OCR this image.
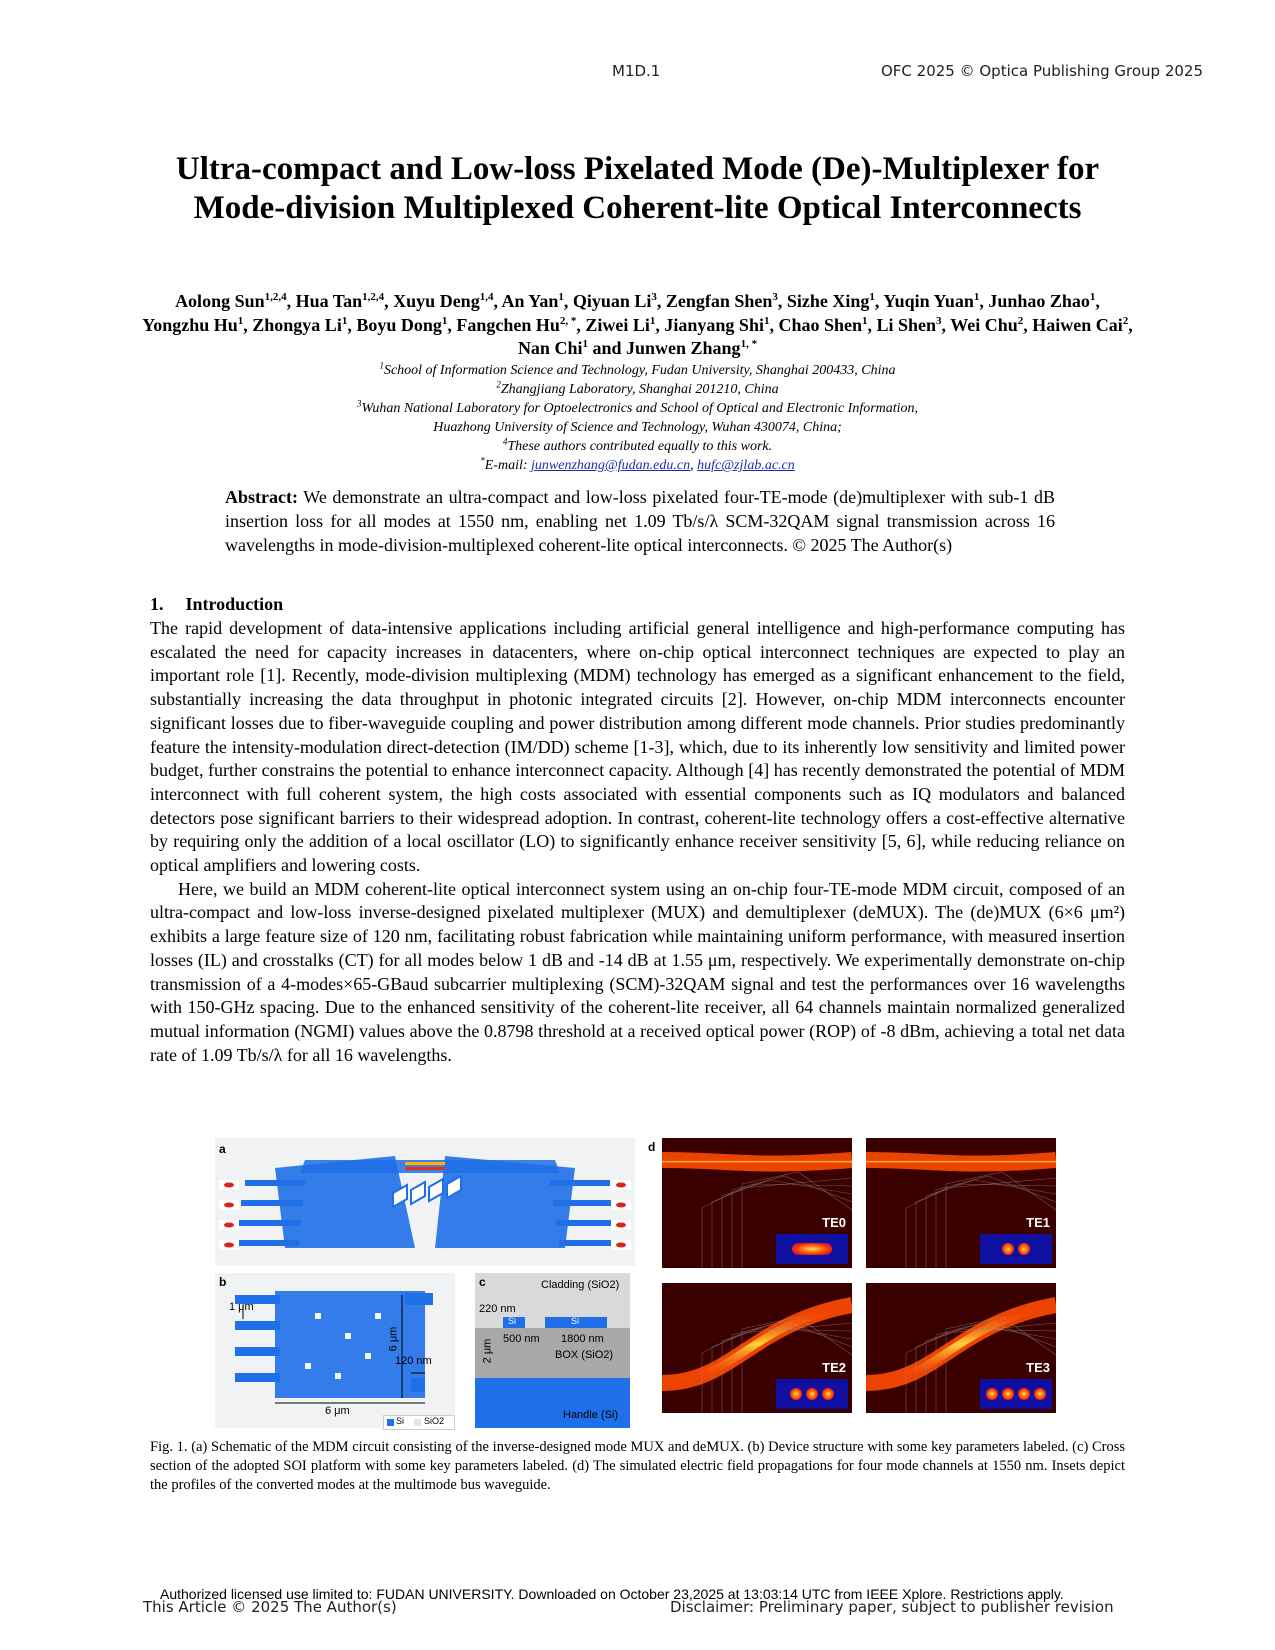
M1D.1	OFC 2025 © Optica Publishing Group 2025
Ultra-compact and Low-loss Pixelated Mode (De)-Multiplexer for Mode-division Multiplexed Coherent-lite Optical Interconnects
Aolong Sun$^{1,2,4}$, Hua Tan$^{1,2,4}$, Xuyu Deng$^{1,4}$, An Yan$^1$, Qiyuan Li$^3$, Zengfan Shen$^3$, Sizhe Xing$^1$, Yuqin Yuan$^1$, Junhao Zhao$^1$, Yongzhu Hu$^1$, Zhongya Li$^1$, Boyu Dong$^1$, Fangchen $Hu^{2, *}$, Ziwei Li$^1$, Jianyang Shi$^1$, Chao Shen$^1$, Li Shen$^3$, Wei Chu$^2$, Haiwen Cai$^2$, Nan Chi$^1$ and Junwen Zhang$^{1, *}$
$^1$School of Information Science and Technology, Fudan University, Shanghai 200433, China
$^2$Zhangjiang Laboratory, Shanghai 201210, China
$^3$Wuhan National Laboratory for Optoelectronics and School of Optical and Electronic Information,
Huazhong University of Science and Technology, Wuhan 430074, China;
$^4$These authors contributed equally to this work.
*E-mail: junwenzhang@fudan.edu.cn, hufc@zjlab.ac.cn
Abstract: We demonstrate an ultra-compact and low-loss pixelated four-TE-mode (de)multiplexer with sub-1 dB insertion loss for all modes at 1550 nm, enabling net 1.09 Tb/s/λ SCM-32QAM signal transmission across 16 wavelengths in mode-division-multiplexed coherent-lite optical interconnects. © 2025 The Author(s)
1. Introduction

The rapid development of data-intensive applications including artificial general intelligence and high-performance computing has escalated the need for capacity increases in datacenters, where on-chip optical interconnect techniques are expected to play an important role [1]. Recently, mode-division multiplexing (MDM) technology has emerged as a significant enhancement to the field, substantially increasing the data throughput in photonic integrated circuits [2]. However, on-chip MDM interconnects encounter significant losses due to fiber-waveguide coupling and power distribution among different mode channels. Prior studies predominantly feature the intensity-modulation direct-detection (IM/DD) scheme [1-3], which, due to its inherently low sensitivity and limited power budget, further constrains the potential to enhance interconnect capacity. Although [4] has recently demonstrated the potential of MDM interconnect with full coherent system, the high costs associated with essential components such as IQ modulators and balanced detectors pose significant barriers to their widespread adoption. In contrast, coherent-lite technology offers a cost-effective alternative by requiring only the addition of a local oscillator (LO) to significantly enhance receiver sensitivity [5, 6], while reducing reliance on optical amplifiers and lowering costs.

Here, we build an MDM coherent-lite optical interconnect system using an on-chip four-TE-mode MDM circuit, composed of an ultra-compact and low-loss inverse-designed pixelated multiplexer (MUX) and demultiplexer (deMUX). The (de)MUX (6×6 μm²) exhibits a large feature size of 120 nm, facilitating robust fabrication while maintaining uniform performance, with measured insertion losses (IL) and crosstalks (CT) for all modes below 1 dB and -14 dB at 1.55 μm, respectively. We experimentally demonstrate on-chip transmission of a 4-modes×65-GBaud subcarrier multiplexing (SCM)-32QAM signal and test the performances over 16 wavelengths with 150-GHz spacing. Due to the enhanced sensitivity of the coherent-lite receiver, all 64 channels maintain normalized generalized mutual information (NGMI) values above the 0.8798 threshold at a received optical power (ROP) of -8 dBm, achieving a total net data rate of 1.09 Tb/s/λ for all 16 wavelengths.

a
b
1 μm
6 μm
120 nm
6 μm
Si SiO2
c	Cladding (SiO2)
220 nm
Si	Si
500 nm 1800 nm
2 μm	BOX (SiO2)
Handle (Si)
d
TE0	TE1
TE2	TE3
Fig. 1. (a) Schematic of the MDM circuit consisting of the inverse-designed mode MUX and deMUX. (b) Device structure with some key parameters labeled. (c) Cross section of the adopted SOI platform with some key parameters labeled. (d) The simulated electric field propagations for four mode channels at 1550 nm. Insets depict the profiles of the converted modes at the multimode bus waveguide.
Authorized licensed use limited to: FUDAN UNIVERSITY. Downloaded on October 23,2025 at 13:03:14 UTC from IEEE Xplore. Restrictions apply.
This Article © 2025 The Author(s)	Disclaimer: Preliminary paper, subject to publisher revision
